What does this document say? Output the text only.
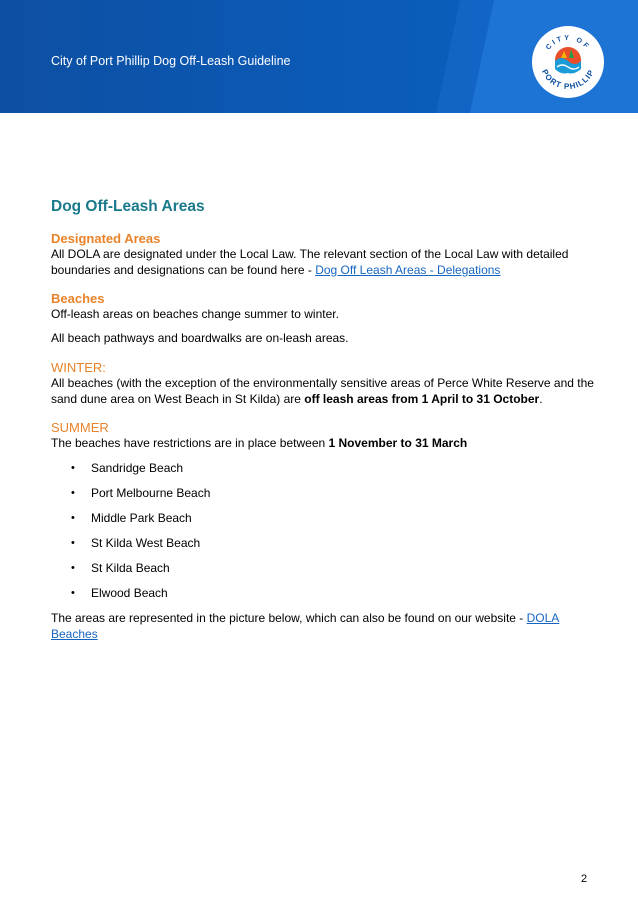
City of Port Phillip Dog Off-Leash Guideline
CITY OF
PORT PHILLIP
Dog Off-Leash Areas
Designated Areas

All DOLA are designated under the Local Law. The relevant section of the Local Law with detailed boundaries and designations can be found here - Dog Off Leash Areas - Delegations

Beaches

Off-leash areas on beaches change summer to winter.

All beach pathways and boardwalks are on-leash areas.

WINTER:

All beaches (with the exception of the environmentally sensitive areas of Perce White Reserve and the sand dune area on West Beach in St Kilda) are off leash areas from 1 April to 31 October.

SUMMER

The beaches have restrictions are in place between 1 November to 31 March

•	Sandridge Beach
•	Port Melbourne Beach
•	Middle Park Beach
•	St Kilda West Beach
•	St Kilda Beach
•	Elwood Beach

The areas are represented in the picture below, which can also be found on our website - DOLA Beaches

2
